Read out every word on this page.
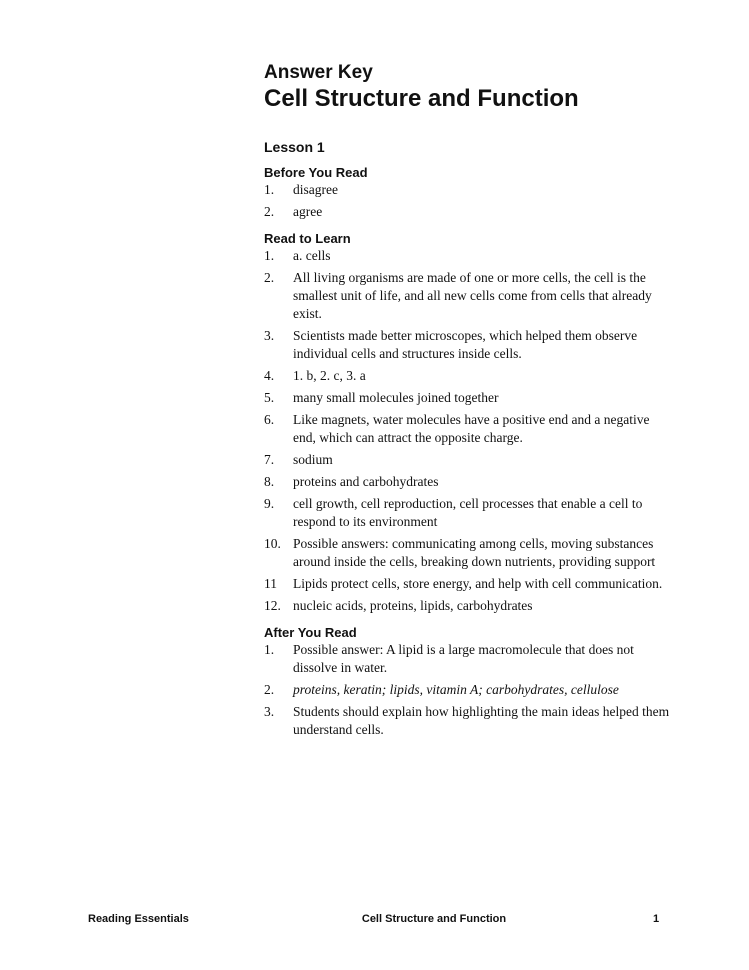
Answer Key
Cell Structure and Function
Lesson 1
Before You Read
1.	disagree
2.	agree
Read to Learn
1.	a. cells
2.	All living organisms are made of one or more cells, the cell is the smallest unit of life, and all new cells come from cells that already exist.
3.	Scientists made better microscopes, which helped them observe individual cells and structures inside cells.
4.	1. b, 2. c, 3. a
5.	many small molecules joined together
6.	Like magnets, water molecules have a positive end and a negative end, which can attract the opposite charge.
7.	sodium
8.	proteins and carbohydrates
9.	cell growth, cell reproduction, cell processes that enable a cell to respond to its environment
10. Possible answers: communicating among cells, moving substances around inside the cells, breaking down nutrients, providing support
11	Lipids protect cells, store energy, and help with cell communication.
12. nucleic acids, proteins, lipids, carbohydrates
After You Read
1.	Possible answer: A lipid is a large macromolecule that does not dissolve in water.
2.	proteins, keratin; lipids, vitamin A; carbohydrates, cellulose
3.	Students should explain how highlighting the main ideas helped them understand cells.
Reading Essentials	Cell Structure and Function	1
